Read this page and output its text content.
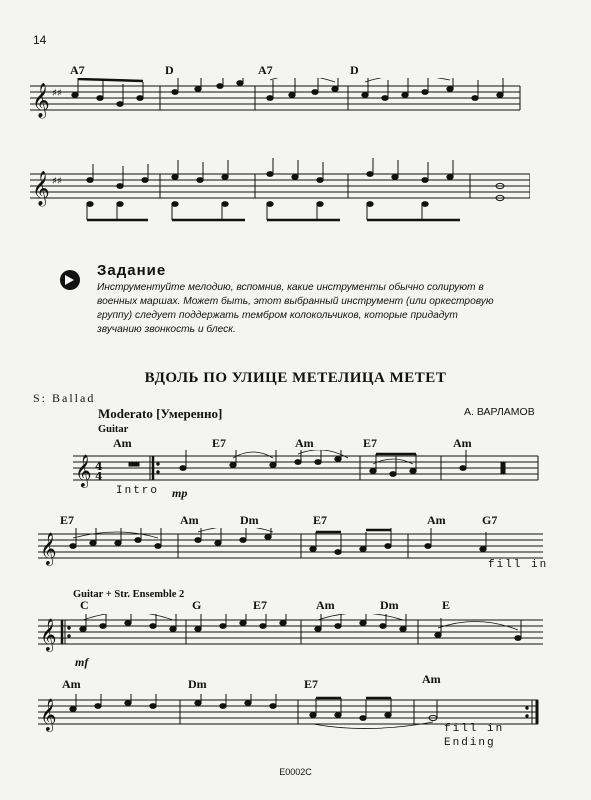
14
A7	D	A7	D
𝄞
𝄞
♯♯
♯♯
Задание
Инструментуйте мелодию, вспомнив, какие инструменты обычно солируют в военных маршах. Может быть, этот выбранный инструмент (или оркестровую группу) следует поддержать тембром колокольчиков, которые придадут звучанию звонкость и блеск.
ВДОЛЬ ПО УЛИЦЕ МЕТЕЛИЦА МЕТЕТ
S: Ballad
Moderato [Умеренно]	А. ВАРЛАМОВ
Guitar
Am	E7	Am	E7	Am
𝄞 4
4
Intro mp
E7	Am	Dm	E7	Am	G7
𝄞	fill in
Guitar + Str. Ensemble 2
C	G	E7	Am	Dm	E
𝄞
mf
Am	Dm	E7	Am
𝄞	fill in
Ending
E0002C
